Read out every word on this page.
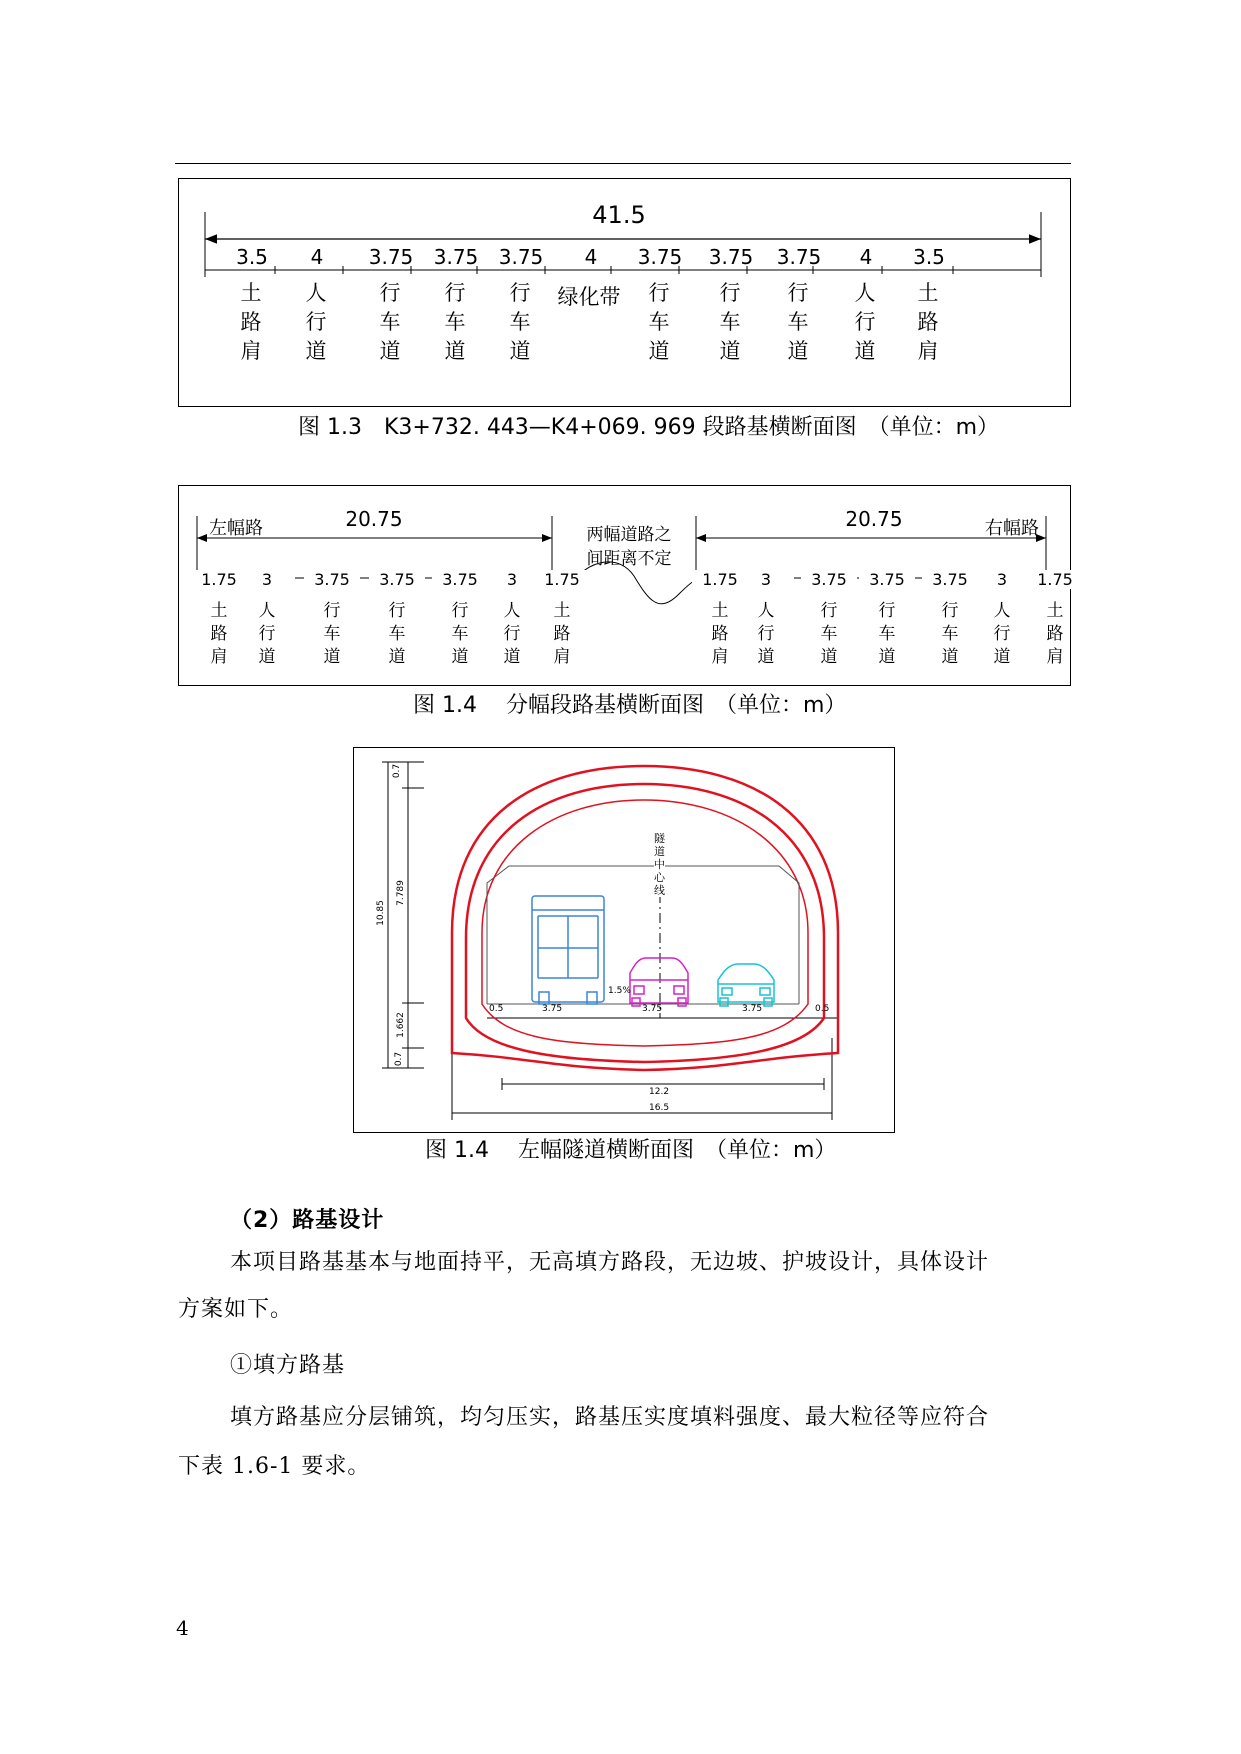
41.5
3.5
土
路
肩
4
人
行
道
3.75
行
车
道
3.75
行
车
道
3.75
行
车
道
4
绿化带
3.75
行
车
道
3.75
行
车
道
3.75
行
车
道
4
人
行
道
3.5
土
路
肩
图 1.3　K3+732. 443—K4+069. 969 段路基横断面图　（单位：m）
左幅路	20.75	20.75	右幅路
两幅道路之
间距离不定
1.75
土
路
肩
3
人
行
道
3.75
行
车
道
3.75
行
车
道
3.75
行
车
道
3
人
行
道
1.75
土
路
肩
1.75
土
路
肩
3
人
行
道
3.75
行
车
道
3.75
行
车
道
3.75
行
车
道
3
人
行
道
1.75
土
路
肩
图 1.4　 分幅段路基横断面图　（单位：m）
0.7
7.789
10.85
1.662
0.7
0.5	3.75	3.75	3.75	0.5
1.5%
12.2
16.5
隧
道
中
心
线
图 1.4　 左幅隧道横断面图　（单位：m）
（2）路基设计
本项目路基基本与地面持平，无高填方路段，无边坡、护坡设计，具体设计
方案如下。
①填方路基
填方路基应分层铺筑，均匀压实，路基压实度填料强度、最大粒径等应符合
下表 1.6-1 要求。
4
